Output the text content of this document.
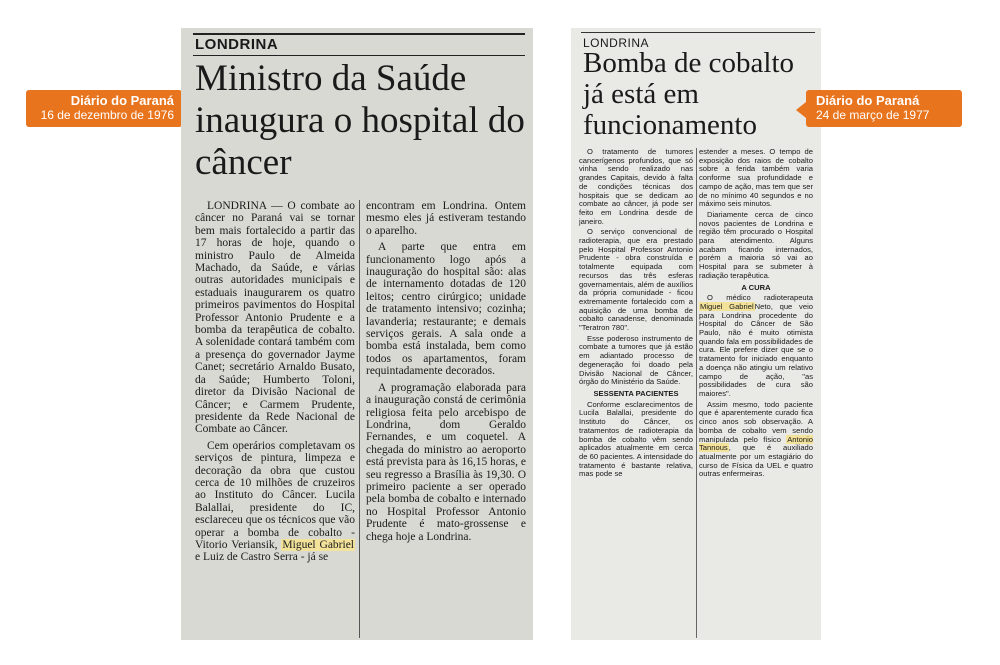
Diário do Paraná
16 de dezembro de 1976
LONDRINA
Ministro da Saúde inaugura o hospital do câncer

LONDRINA — O combate ao câncer no Paraná vai se tornar bem mais fortalecido a partir das 17 horas de hoje, quando o ministro Paulo de Almeida Machado, da Saúde, e várias outras autoridades municipais e estaduais inaugurarem os quatro primeiros pavimentos do Hospital Professor Antonio Prudente e a bomba da terapêutica de cobalto. A solenidade contará também com a presença do governador Jayme Canet; secretário Arnaldo Busato, da Saúde; Humberto Toloni, diretor da Divisão Nacional de Câncer; e Carmem Prudente, presidente da Rede Nacional de Combate ao Câncer.

Cem operários completavam os serviços de pintura, limpeza e decoração da obra que custou cerca de 10 milhões de cruzeiros ao Instituto do Câncer. Lucila Balallai, presidente do IC, esclareceu que os técnicos que vão operar a bomba de cobalto - Vitorio Veriansik, Miguel Gabriel e Luiz de Castro Serra - já se

encontram em Londrina. Ontem mesmo eles já estiveram testando o aparelho.

A parte que entra em funcionamento logo após a inauguração do hospital são: alas de internamento dotadas de 120 leitos; centro cirúrgico; unidade de tratamento intensivo; cozinha; lavanderia; restaurante; e demais serviços gerais. A sala onde a bomba está instalada, bem como todos os apartamentos, foram requintadamente decorados.

A programação elaborada para a inauguração constá de cerimônia religiosa feita pelo arcebispo de Londrina, dom Geraldo Fernandes, e um coquetel. A chegada do ministro ao aeroporto está prevista para às 16,15 horas, e seu regresso a Brasília às 19,30. O primeiro paciente a ser operado pela bomba de cobalto e internado no Hospital Professor Antonio Prudente é mato-grossense e chega hoje a Londrina.

LONDRINA
Bomba de cobalto já está em funcionamento

O tratamento de tumores cancerígenos profundos, que só vinha sendo realizado nas grandes Capitais, devido à falta de condições técnicas dos hospitais que se dedicam ao combate ao câncer, já pode ser feito em Londrina desde de janeiro.

O serviço convencional de radioterapia, que era prestado pelo Hospital Professor Antonio Prudente - obra construída e totalmente equipada com recursos das três esferas governamentais, além de auxílios da própria comunidade - ficou extremamente fortalecido com a aquisição de uma bomba de cobalto canadense, denominada "Teratron 780".

Esse poderoso instrumento de combate a tumores que já estão em adiantado processo de degeneração foi doado pela Divisão Nacional de Câncer, órgão do Ministério da Saúde.

SESSENTA PACIENTES

Conforme esclarecimentos de Lucila Balallai, presidente do Instituto do Câncer, os tratamentos de radioterapia da bomba de cobalto vêm sendo aplicados atualmente em cerca de 60 pacientes. A intensidade do tratamento é bastante relativa, mas pode se

estender a meses. O tempo de exposição dos raios de cobalto sobre a ferida também varia conforme sua profundidade e campo de ação, mas tem que ser de no mínimo 40 segundos e no máximo seis minutos.

Diariamente cerca de cinco novos pacientes de Londrina e região têm procurado o Hospital para atendimento. Alguns acabam ficando internados, porém a maioria só vai ao Hospital para se submeter à radiação terapêutica.

A CURA

O médico radioterapeuta Miguel GabrielNeto, que veio para Londrina procedente do Hospital do Câncer de São Paulo, não é muito otimista quando fala em possibilidades de cura. Ele prefere dizer que se o tratamento for iniciado enquanto a doença não atingiu um relativo campo de ação, "as possibilidades de cura são maiores".

Assim mesmo, todo paciente que é aparentemente curado fica cinco anos sob observação. A bomba de cobalto vem sendo manipulada pelo físico Antonio Tannous, que é auxiliado atualmente por um estagiário do curso de Física da UEL e quatro outras enfermeiras.

Diário do Paraná
24 de março de 1977
